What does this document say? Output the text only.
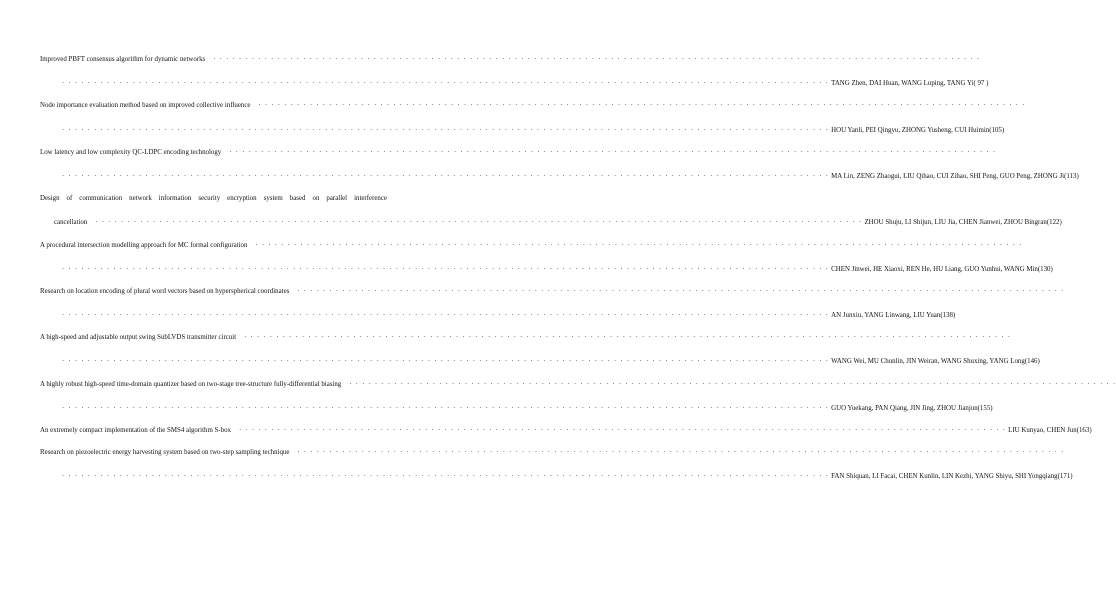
Improved PBFT consensus algorithm for dynamic networks · · · · · · · · · · · · · · · · · · · · · · · · · · · · · · · · · · · · · · · · · · · · · · · · · · · · · · · · · · · · · · · · · · · · · · · · · · · · · · · · · · · · · · · · · · · · · · · · · · · · · · · · · · · · · · · · · · · · · · · ·
· · · · · · · · · · · · · · · · · · · · · · · · · · · · · · · · · · · · · · · · · · · · · · · · · · · · · · · · · · · · · · · · · · · · · · · · · · · · · · · · · · · · · · · · · · · · · · · · · · · · · · · · · · · · · · · · · · · · · · · · TANG Zhen, DAI Huan, WANG Luping, TANG Yi ( 97 )
Node importance evaluation method based on improved collective influence · · · · · · · · · · · · · · · · · · · · · · · · · · · · · · · · · · · · · · · · · · · · · · · · · · · · · · · · · · · · · · · · · · · · · · · · · · · · · · · · · · · · · · · · · · · · · · · · · · · · · · · · · · · · · · · · · · · · · · · ·
· · · · · · · · · · · · · · · · · · · · · · · · · · · · · · · · · · · · · · · · · · · · · · · · · · · · · · · · · · · · · · · · · · · · · · · · · · · · · · · · · · · · · · · · · · · · · · · · · · · · · · · · · · · · · · · · · · · · · · · · HOU Yanli, PEI Qingyu, ZHONG Yusheng, CUI Huimin (105)
Low latency and low complexity QC-LDPC encoding technology · · · · · · · · · · · · · · · · · · · · · · · · · · · · · · · · · · · · · · · · · · · · · · · · · · · · · · · · · · · · · · · · · · · · · · · · · · · · · · · · · · · · · · · · · · · · · · · · · · · · · · · · · · · · · · · · · · · · · · · ·
· · · · · · · · · · · · · · · · · · · · · · · · · · · · · · · · · · · · · · · · · · · · · · · · · · · · · · · · · · · · · · · · · · · · · · · · · · · · · · · · · · · · · · · · · · · · · · · · · · · · · · · · · · · · · · · · · · · · · · · · MA Lin, ZENG Zhaogui, LIU Qihao, CUI Zihao, SHI Peng, GUO Peng, ZHONG Ji (113)
Design of communication network information security encryption system based on parallel interference
cancellation · · · · · · · · · · · · · · · · · · · · · · · · · · · · · · · · · · · · · · · · · · · · · · · · · · · · · · · · · · · · · · · · · · · · · · · · · · · · · · · · · · · · · · · · · · · · · · · · · · · · · · · · · · · · · · · · · · · · · · · · ZHOU Shuju, LI Shijun, LIU Jia, CHEN Jianwei, ZHOU Bingran (122)
A procedural intersection modelling approach for MC formal configuration · · · · · · · · · · · · · · · · · · · · · · · · · · · · · · · · · · · · · · · · · · · · · · · · · · · · · · · · · · · · · · · · · · · · · · · · · · · · · · · · · · · · · · · · · · · · · · · · · · · · · · · · · · · · · · · · · · · · · · · ·
· · · · · · · · · · · · · · · · · · · · · · · · · · · · · · · · · · · · · · · · · · · · · · · · · · · · · · · · · · · · · · · · · · · · · · · · · · · · · · · · · · · · · · · · · · · · · · · · · · · · · · · · · · · · · · · · · · · · · · · · CHEN Jinwei, HE Xiaoxi, REN He, HU Liang, GUO Yunhui, WANG Min (130)
Research on location encoding of plural word vectors based on hyperspherical coordinates · · · · · · · · · · · · · · · · · · · · · · · · · · · · · · · · · · · · · · · · · · · · · · · · · · · · · · · · · · · · · · · · · · · · · · · · · · · · · · · · · · · · · · · · · · · · · · · · · · · · · · · · · · · · · · · · · · · · · · · ·
· · · · · · · · · · · · · · · · · · · · · · · · · · · · · · · · · · · · · · · · · · · · · · · · · · · · · · · · · · · · · · · · · · · · · · · · · · · · · · · · · · · · · · · · · · · · · · · · · · · · · · · · · · · · · · · · · · · · · · · · AN Junxiu, YANG Linwang, LIU Yuan (138)
A high-speed and adjustable output swing SubLVDS transmitter circuit · · · · · · · · · · · · · · · · · · · · · · · · · · · · · · · · · · · · · · · · · · · · · · · · · · · · · · · · · · · · · · · · · · · · · · · · · · · · · · · · · · · · · · · · · · · · · · · · · · · · · · · · · · · · · · · · · · · · · · · ·
· · · · · · · · · · · · · · · · · · · · · · · · · · · · · · · · · · · · · · · · · · · · · · · · · · · · · · · · · · · · · · · · · · · · · · · · · · · · · · · · · · · · · · · · · · · · · · · · · · · · · · · · · · · · · · · · · · · · · · · · WANG Wei, MU Chunlin, JIN Weiran, WANG Shuxing, YANG Long (146)
A highly robust high-speed time-domain quantizer based on two-stage tree-structure fully-differential biasing · · · · · · · · · · · · · · · · · · · · · · · · · · · · · · · · · · · · · · · · · · · · · · · · · · · · · · · · · · · · · · · · · · · · · · · · · · · · · · · · · · · · · · · · · · · · · · · · · · · · · · · · · · · · · · · · · · · · · · · ·
· · · · · · · · · · · · · · · · · · · · · · · · · · · · · · · · · · · · · · · · · · · · · · · · · · · · · · · · · · · · · · · · · · · · · · · · · · · · · · · · · · · · · · · · · · · · · · · · · · · · · · · · · · · · · · · · · · · · · · · · GUO Yuekang, PAN Qiang, JIN Jing, ZHOU Jianjun (155)
An extremely compact implementation of the SMS4 algorithm S-box · · · · · · · · · · · · · · · · · · · · · · · · · · · · · · · · · · · · · · · · · · · · · · · · · · · · · · · · · · · · · · · · · · · · · · · · · · · · · · · · · · · · · · · · · · · · · · · · · · · · · · · · · · · · · · · · · · · · · · · · LIU Kunyao, CHEN Jun (163)
Research on piezoelectric energy harvesting system based on two-step sampling technique · · · · · · · · · · · · · · · · · · · · · · · · · · · · · · · · · · · · · · · · · · · · · · · · · · · · · · · · · · · · · · · · · · · · · · · · · · · · · · · · · · · · · · · · · · · · · · · · · · · · · · · · · · · · · · · · · · · · · · · ·
· · · · · · · · · · · · · · · · · · · · · · · · · · · · · · · · · · · · · · · · · · · · · · · · · · · · · · · · · · · · · · · · · · · · · · · · · · · · · · · · · · · · · · · · · · · · · · · · · · · · · · · · · · · · · · · · · · · · · · · · FAN Shiquan, LI Facai, CHEN Kunlin, LIN Kezhi, YANG Shiyu, SHI Yongqiang (171)
